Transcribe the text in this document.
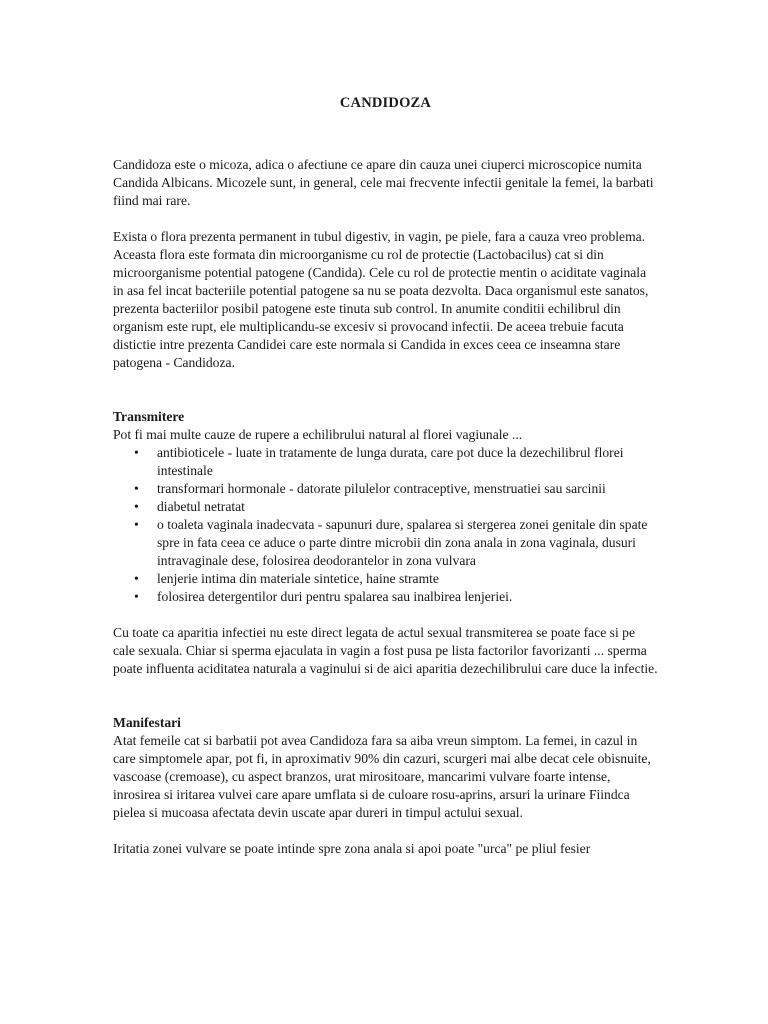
CANDIDOZA

Candidoza este o micoza, adica o afectiune ce apare din cauza unei ciuperci microscopice numita Candida Albicans. Micozele sunt, in general, cele mai frecvente infectii genitale la femei, la barbati fiind mai rare.

Exista o flora prezenta permanent in tubul digestiv, in vagin, pe piele, fara a cauza vreo problema. Aceasta flora este formata din microorganisme cu rol de protectie (Lactobacilus) cat si din microorganisme potential patogene (Candida). Cele cu rol de protectie mentin o aciditate vaginala in asa fel incat bacteriile potential patogene sa nu se poata dezvolta. Daca organismul este sanatos, prezenta bacteriilor posibil patogene este tinuta sub control. In anumite conditii echilibrul din organism este rupt, ele multiplicandu-se excesiv si provocand infectii. De aceea trebuie facuta distictie intre prezenta Candidei care este normala si Candida in exces ceea ce inseamna stare patogena - Candidoza.

Transmitere

Pot fi mai multe cauze de rupere a echilibrului natural al florei vagiunale ...

• antibioticele - luate in tratamente de lunga durata, care pot duce la dezechilibrul florei intestinale
• transformari hormonale - datorate pilulelor contraceptive, menstruatiei sau sarcinii
• diabetul netratat
• o toaleta vaginala inadecvata - sapunuri dure, spalarea si stergerea zonei genitale din spate spre in fata ceea ce aduce o parte dintre microbii din zona anala in zona vaginala, dusuri intravaginale dese, folosirea deodorantelor in zona vulvara
• lenjerie intima din materiale sintetice, haine stramte
• folosirea detergentilor duri pentru spalarea sau inalbirea lenjeriei.

Cu toate ca aparitia infectiei nu este direct legata de actul sexual transmiterea se poate face si pe cale sexuala. Chiar si sperma ejaculata in vagin a fost pusa pe lista factorilor favorizanti ... sperma poate influenta aciditatea naturala a vaginului si de aici aparitia dezechilibrului care duce la infectie.

Manifestari

Atat femeile cat si barbatii pot avea Candidoza fara sa aiba vreun simptom. La femei, in cazul in care simptomele apar, pot fi, in aproximativ 90% din cazuri, scurgeri mai albe decat cele obisnuite, vascoase (cremoase), cu aspect branzos, urat mirositoare, mancarimi vulvare foarte intense, inrosirea si iritarea vulvei care apare umflata si de culoare rosu-aprins, arsuri la urinare Fiindca pielea si mucoasa afectata devin uscate apar dureri in timpul actului sexual.

Iritatia zonei vulvare se poate intinde spre zona anala si apoi poate "urca" pe pliul fesier
